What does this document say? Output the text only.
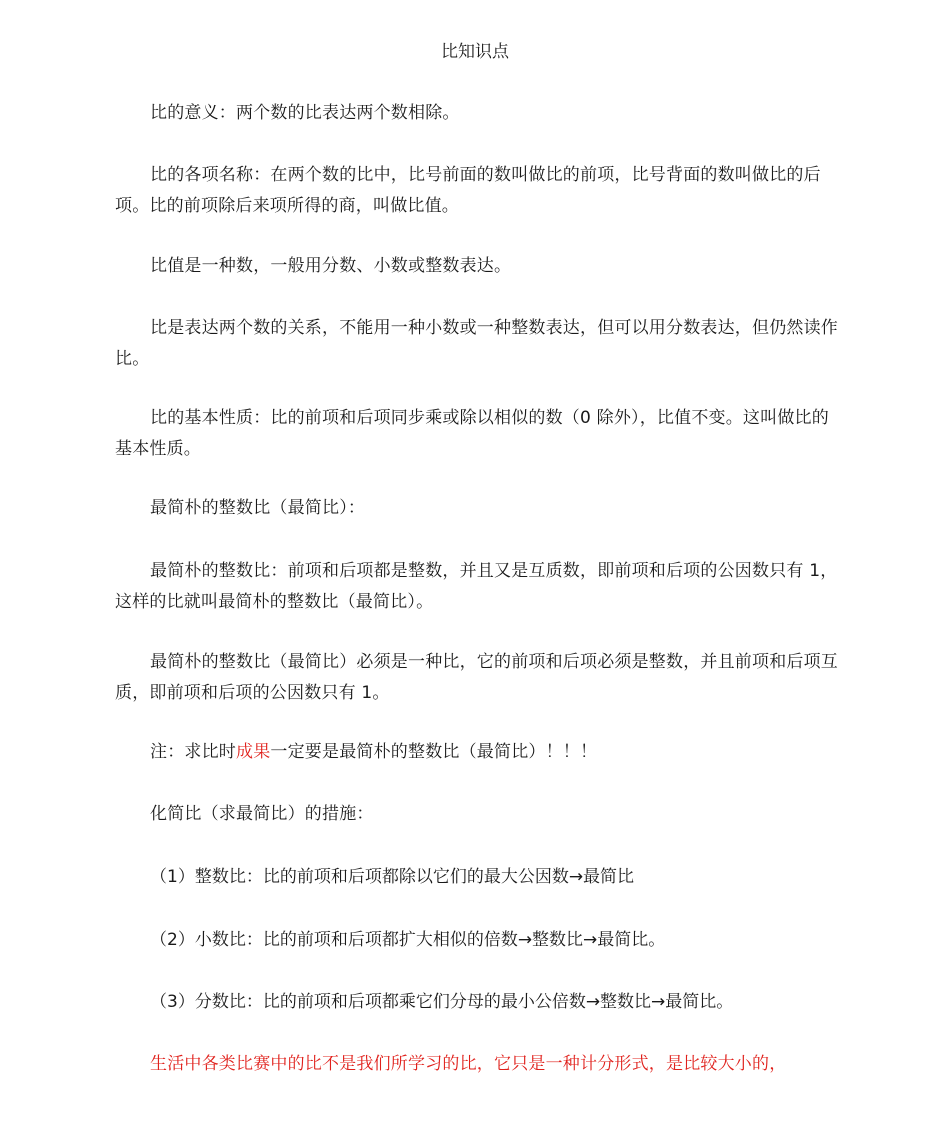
比知识点
比的意义：两个数的比表达两个数相除。
比的各项名称：在两个数的比中，比号前面的数叫做比的前项，比号背面的数叫做比的后项。比的前项除后来项所得的商，叫做比值。
比值是一种数，一般用分数、小数或整数表达。
比是表达两个数的关系，不能用一种小数或一种整数表达，但可以用分数表达，但仍然读作比。
比的基本性质：比的前项和后项同步乘或除以相似的数（0 除外），比值不变。这叫做比的基本性质。
最简朴的整数比（最简比）：
最简朴的整数比：前项和后项都是整数，并且又是互质数，即前项和后项的公因数只有 1，这样的比就叫最简朴的整数比（最简比）。
最简朴的整数比（最简比）必须是一种比，它的前项和后项必须是整数，并且前项和后项互质，即前项和后项的公因数只有 1。
注：求比时成果一定要是最简朴的整数比（最简比）！！！
化简比（求最简比）的措施：
（1）整数比：比的前项和后项都除以它们的最大公因数→最简比
（2）小数比：比的前项和后项都扩大相似的倍数→整数比→最简比。
（3）分数比：比的前项和后项都乘它们分母的最小公倍数→整数比→最简比。
生活中各类比赛中的比不是我们所学习的比，它只是一种计分形式，是比较大小的，
